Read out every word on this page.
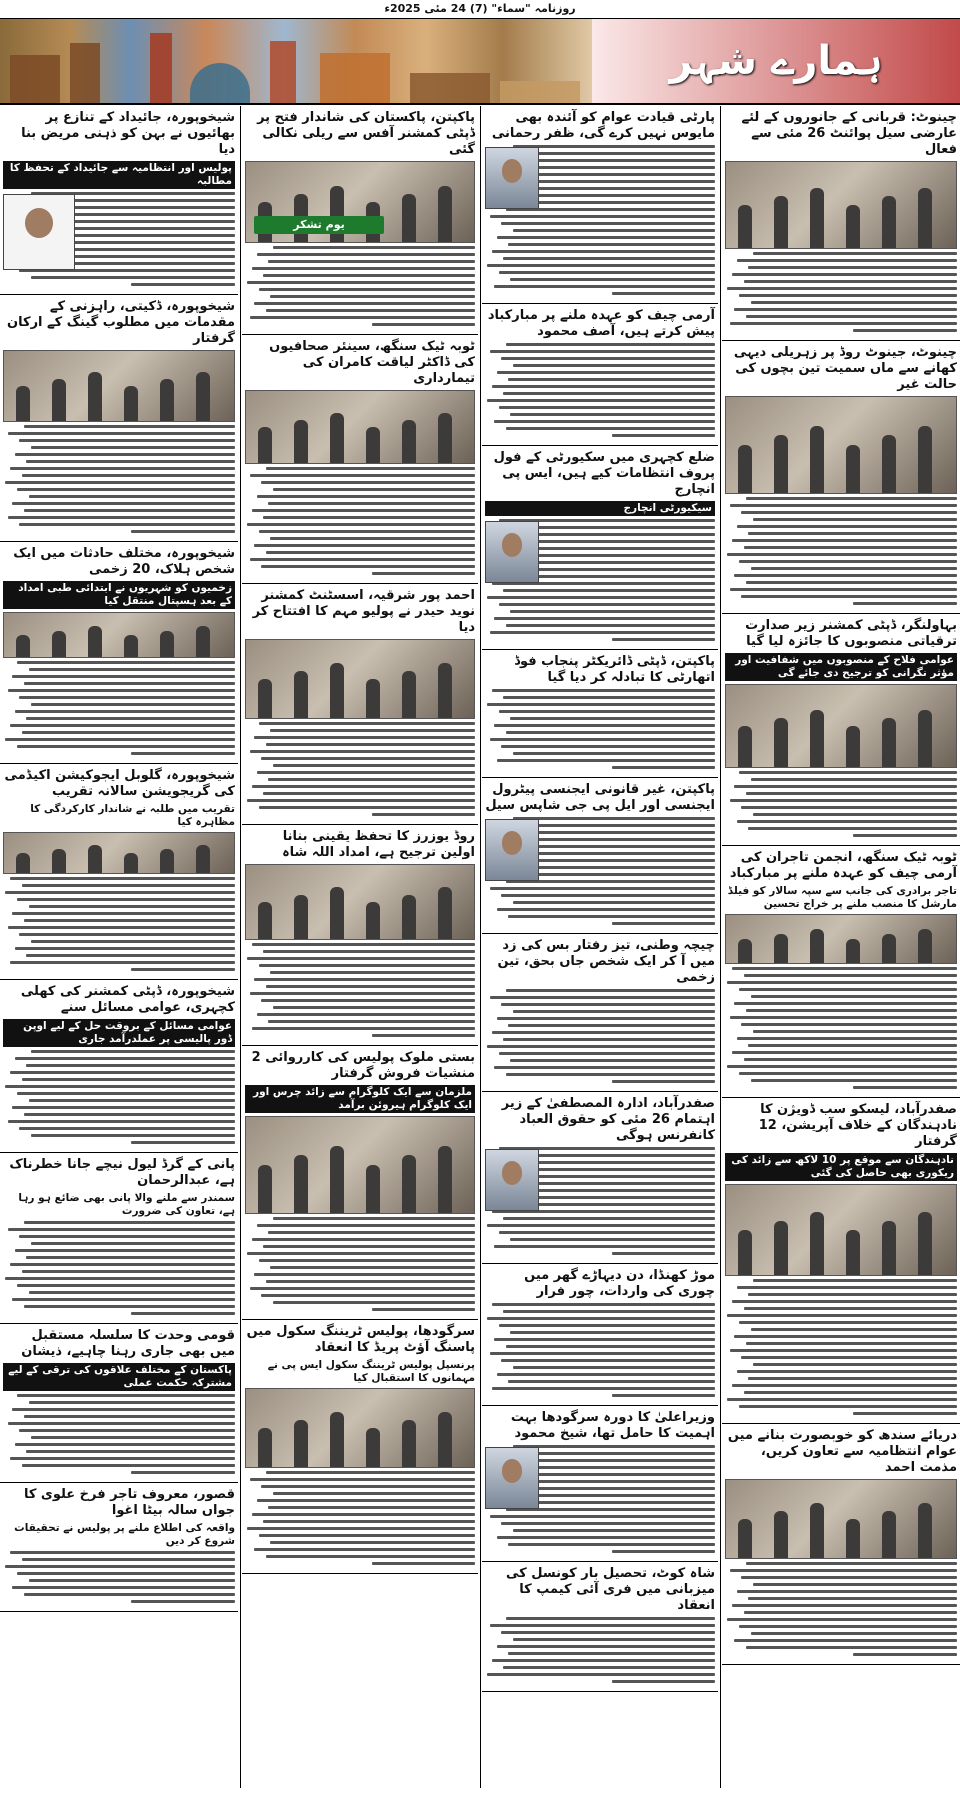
روزنامہ "سماء" (7) 24 مئی 2025ء
ہمارے شہر
چینوٹ: قربانی کے جانوروں کے لئے عارضی سیل پوائنٹ 26 مئی سے فعال
چینوٹ، جینوٹ روڈ پر زہریلی دیہی کھانے سے ماں سمیت تین بچوں کی حالت غیر
بہاولنگر، ڈپٹی کمشنر زیر صدارت ترقیاتی منصوبوں کا جائزہ لیا گیا
عوامی فلاح کے منصوبوں میں شفافیت اور مؤثر نگرانی کو ترجیح دی جائے گی
ٹوبہ ٹیک سنگھ، انجمن تاجران کی آرمی چیف کو عہدہ ملنے پر مبارکباد
تاجر برادری کی جانب سے سپہ سالار کو فیلڈ مارشل کا منصب ملنے پر خراج تحسین
صفدرآباد، لیسکو سب ڈویژن کا نادہندگان کے خلاف آپریشن، 12 گرفتار
نادہندگان سے موقع پر 10 لاکھ سے زائد کی ریکوری بھی حاصل کی گئی
دریائے سندھ کو خوبصورت بنانے میں عوام انتظامیہ سے تعاون کریں، مذمت احمد
پارٹی قیادت عوام کو آئندہ بھی مایوس نہیں کرے گی، ظفر رحمانی
آرمی چیف کو عہدہ ملنے پر مبارکباد پیش کرتے ہیں، آصف محمود
ضلع کچہری میں سکیورٹی کے فول پروف انتظامات کیے ہیں، ایس پی انچارج
سیکیورٹی انچارج
پاکپتن، ڈپٹی ڈائریکٹر پنجاب فوڈ اتھارٹی کا تبادلہ کر دیا گیا
پاکپتن، غیر قانونی ایجنسی پیٹرول ایجنسی اور ایل پی جی شاپس سیل
چیچہ وطنی، تیز رفتار بس کی زد میں آ کر ایک شخص جاں بحق، تین زخمی
صفدرآباد، ادارہ المصطفیٰ کے زیر اہتمام 26 مئی کو حقوق العباد کانفرنس ہوگی
موڑ کھنڈا، دن دیہاڑے گھر میں چوری کی واردات، چور فرار
وزیراعلیٰ کا دورہ سرگودھا بہت اہمیت کا حامل تھا، شیخ محمود
شاہ کوٹ، تحصیل بار کونسل کی میزبانی میں فری آئی کیمپ کا انعقاد
پاکپتن، پاکستان کی شاندار فتح پر ڈپٹی کمشنر آفس سے ریلی نکالی گئی
یوم تشکر
ٹوبہ ٹیک سنگھ، سینئر صحافیوں کی ڈاکٹر لیاقت کامران کی تیمارداری
احمد پور شرقیہ، اسسٹنٹ کمشنر نوید حیدر نے پولیو مہم کا افتتاح کر دیا
روڈ یوزرز کا تحفظ یقینی بنانا اولین ترجیح ہے، امداد اللہ شاہ
بستی ملوک پولیس کی کارروائی 2 منشیات فروش گرفتار
ملزمان سے ایک کلوگرام سے زائد چرس اور ایک کلوگرام ہیروئن برآمد
سرگودھا، پولیس ٹریننگ سکول میں پاسنگ آؤٹ پریڈ کا انعقاد
پرنسپل پولیس ٹریننگ سکول ایس پی نے مہمانوں کا استقبال کیا
شیخوپورہ، جائیداد کے تنازع پر بھائیوں نے بہن کو ذہنی مریض بنا دیا
پولیس اور انتظامیہ سے جائیداد کے تحفظ کا مطالبہ
شیخوپورہ، ڈکیتی، راہزنی کے مقدمات میں مطلوب گینگ کے ارکان گرفتار
شیخوپورہ، مختلف حادثات میں ایک شخص ہلاک، 20 زخمی
زخمیوں کو شہریوں نے ابتدائی طبی امداد کے بعد ہسپتال منتقل کیا
شیخوپورہ، گلوبل ایجوکیشن اکیڈمی کی گریجویشن سالانہ تقریب
تقریب میں طلبہ نے شاندار کارکردگی کا مظاہرہ کیا
شیخوپورہ، ڈپٹی کمشنر کی کھلی کچہری، عوامی مسائل سنے
عوامی مسائل کے بروقت حل کے لیے اوپن ڈور پالیسی پر عملدرآمد جاری
پانی کے گرڈ لیول نیچے جانا خطرناک ہے، عبدالرحمان
سمندر سے ملنے والا پانی بھی ضائع ہو رہا ہے، تعاون کی ضرورت
قومی وحدت کا سلسلہ مستقبل میں بھی جاری رہنا چاہیے، ذیشان
پاکستان کے مختلف علاقوں کی ترقی کے لیے مشترکہ حکمت عملی
قصور، معروف تاجر فرخ علوی کا جواں سالہ بیٹا اغوا
واقعہ کی اطلاع ملنے پر پولیس نے تحقیقات شروع کر دیں
